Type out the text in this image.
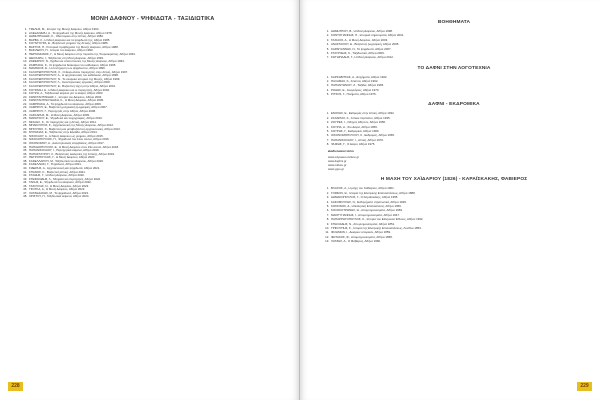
ΜΟΝΗ ΔΑΦΝΟΥ - ΨΗΦΙΔΩΤΑ - ΤΑΞΙΔΙΩΤΙΚΑ
1. ΤΖΕΛΗΣ, Μ., Ιστορία της Μονής Δαφνίου, Αθήνα 1964.
2. ΑΛΕΞΑΝΔΡΗ, Α., Τα ψηφιδωτά της Μονής Δαφνίου, Αθήνα 1978.
3. ΔΗΜΗΤΡΙΑΔΗΣ, Κ., Οδοιπορικό στην Αττική, Αθήνα 1982.
4. ΒΑΡΒΑ, Λ., Η Μονή Δαφνίου και τα ψηφιδωτά της, Αθήνα 1985.
5. ΚΟΥΝΤΟΥΡΑ, Ε., Βυζαντινά μνημεία της Αττικής, Αθήνα 1986.
6. ΒΑΣΤΟΣ, Π., Κτιτορικά προβλήματα της Μονής Δαφνίου, Αθήνα 1988.
7. ΒΑΣΙΛΕΙΟΥ, Π., Ιστορία του Δαφνίου, Αθήνα 1990.
8. ΠΕΡΓΑΜΗΝΟΣ, Γ., Η Μονή Δαφνίου στην περίοδο της Τουρκοκρατίας, Αθήνα 1991.
9. ΘΕΟΧΑΡΗ, Ι., Ταξιδιώτες στη Μονή Δαφνίου, Αθήνα 1993.
10. ΖΑΦΕΙΡΙΟΥ, Ν., Σχέδια και αποτυπώσεις της Μονής Δαφνίου, Αθήνα 1994.
11. ΖΑΜΠΑΚΗ, Κ., Οι ψηφιδωτοί διάκοσμοι του καθολικού, Αθήνα 1995.
12. ΜΑΜΑΚΟΣ, Ε., Η συντήρηση των ψηφιδωτών, Αθήνα 1996.
13. ΚΑΛΟΓΕΡΟΠΟΥΛΟΣ, Χ., Οι Ευρωπαίοι περιηγητές στην Αττική, Αθήνα 1997.
14. ΚΑΛΟΓΕΡΟΠΟΥΛΟΥ, Α., Η αρχιτεκτονική του καθολικού, Αθήνα 1998.
15. ΚΑΛΟΓΕΡΟΠΟΥΛΟΥ, Ν., Το σεισμικό ιστορικό της Μονής, Αθήνα 1999.
16. ΚΑΛΟΓΕΡΟΠΟΥΛΟΥ, Λ., Αναστηλωτικές εργασίες, Αθήνα 2000.
17. ΚΑΛΟΓΕΡΟΠΟΥΛΟΥ, Ε., Βυζαντινή τέχνη στην Αθήνα, Αθήνα 2001.
18. ΚΟΥΡΑΚΗ, Δ., Η Μονή Δαφνίου και οι περιηγητές, Αθήνα 2002.
19. ΚΟΥΡΗ, Α., Ταξιδιωτικά κείμενα για το Δαφνί, Αθήνα 2003.
20. ΚΩΝΣΤΑΝΤΙΝΙΔΗΣ, Ι., Ιστορία του Δαφνίου, Αθήνα 2004.
21. ΚΩΝΣΤΑΝΤΙΝΟΥΔΑΚΗ, Κ., Η Μονή Δαφνίου, Αθήνα 2005.
22. ΛΑΜΠΡΑΚΗ, Α., Τα ψηφιδωτά του Δαφνίου, Αθήνα 2006.
23. ΛΑΜΠΡΟΥ, Ε., Βυζαντινή μνημειακή ζωγραφική, Αθήνα 2007.
24. ΛΑΜΠΡΟΥ, Γ., Περιηγητές στην Αθήνα, Αθήνα 2008.
25. ΛΑΣΚΑΡΗΣ, Μ., Η Μονή Δαφνίου, Αθήνα 2009.
26. ΜΑΡΑΓΚΟΥ, Ε., Ψηφιδωτά και τοιχογραφίες, Αθήνα 2010.
27. ΜΙΧΑΗΛ, Κ., Οι περιηγητές και η Αττική, Αθήνα 2011.
28. ΜΠΑΚΟΥΡΟΣ, Σ., Αρχιτεκτονική της Μονής Δαφνίου, Αθήνα 2012.
29. ΜΠΟΥΡΑΣ, Χ., Βυζαντινή και μεταβυζαντινή αρχιτεκτονική, Αθήνα 2013.
30. ΜΥΡΩΝΑΣ, Ε., Ταξιδιώτες στην Ελλάδα, Αθήνα 2014.
31. ΝΙΚΟΛΑΟΥ, Α., Η Μονή Δαφνίου ως μνημείο, Αθήνα 2015.
32. ΝΙΚΟΛΟΠΟΥΛΟΣ, Π., Ψηφιδωτά του 11ου αιώνα, Αθήνα 2016.
33. ΟΙΚΟΝΟΜΟΥ, Α., Αναστηλωτικές επεμβάσεις, Αθήνα 2017.
34. ΠΑΠΑΔΟΠΟΥΛΟΣ, Ε., Η Μονή Δαφνίου στον 19ο αιώνα, Αθήνα 2018.
35. ΠΑΠΑΝΙΚΟΛΑΟΥ, Ι., Περιηγητικά κείμενα, Αθήνα 2019.
36. ΠΑΠΑΣΤΑΥΡΟΥ, Σ., Βυζαντινές εκκλησίες της Αττικής, Αθήνα 2019.
37. ΠΕΤΡΟΠΟΥΛΟΣ, Γ., Η Μονή Δαφνίου, Αθήνα 2020.
38. ΣΑΚΕΛΛΑΡΙΟΥ, Μ., Ταξιδιωτικά του Δαφνίου, Αθήνα 2020.
39. ΣΑΚΕΛΛΙΩΝ, Γ., Ψηφιδωτά, Αθήνα 2021.
40. ΣΙΔΕΡΗΣ, Α., Αρχιτεκτονική και ψηφιδωτά, Αθήνα 2021.
41. ΣΠΑΝΟΣ, Κ., Βυζαντινή Αττική, Αθήνα 2021.
42. ΣΤΑΘΗΣ, Γ., Η Μονή Δαφνίου, Αθήνα 2022.
43. ΣΤΕΦΑΝΙΔΗΣ, Λ., Μνημεία και περιηγητές, Αθήνα 2022.
44. ΤΑΚΗΣ, Ε., Ψηφιδωτά του Δαφνίου, Αθήνα 2022.
45. ΤΑΣΟΥΛΑΣ, Ν., Η Μονή Δαφνίου, Αθήνα 2023.
46. ΤΣΟΓΚΑ, Α., Η Μονή Δαφνίου, Αθήνα 2023.
47. ΧΑΤΖΗΔΑΚΗΣ, Μ., Τα ψηφιδωτά, Αθήνα 2023.
48. ΧΡΙΣΤΟΥ, Π., Ταξιδιωτικά κείμενα, Αθήνα 2024.
228
ΒΟΗΘΗΜΑΤΑ
1. ΔΗΜΗΤΡΙΟΥ, Β., Η Μονή Δαφνίου, Αθήνα 1998.
2. ΚΟΝΤΟΓΙΑΝΝΗΣ, Π., Ιστορικά σημειώματα, Αθήνα 2001.
3. ΤΑΧΙΑΟΣ, Α., Η Μονή Δαφνίου, Αθήνα 2003.
4. ΑΝΑΣΤΑΣΙΟΥ, Ε., Βυζαντινή ζωγραφική, Αθήνα 2005.
5. ΚΑΡΑΓΙΑΝΝΗΣ, Ν., Τα ψηφιδωτά, Αθήνα 2007.
6. ΣΤΑΥΡΙΔΗΣ, Κ., Ταξιδιωτικά, Αθήνα 2009.
7. ΣΩΤΗΡΙΑΔΗΣ, Γ., Η Μονή Δαφνίου, Αθήνα 2012.
ΤΟ ΔΑΦΝΙ ΣΤΗΝ ΛΟΓΟΤΕΧΝΙΑ
1. ΚΑΡΚΑΒΙΤΣΑΣ, Α., Διηγήματα, Αθήνα 1922.
2. ΠΑΛΑΜΑΣ, Κ., Άπαντα, Αθήνα 1962.
3. ΠΑΠΑΝΤΩΝΙΟΥ, Ζ., Ταξίδια, Αθήνα 1965.
4. ΡΟΔΗΣ, Ε., Αναμνήσεις, Αθήνα 1970.
5. ΡΙΤΣΟΣ, Γ., Ποιήματα, Αθήνα 1975.
ΔΑΦΝΙ - ΕΚΔΡΟΜΙΚΑ
1. ΕΝΟΣΗΣ, Ε., Εκδρομές στην Αττική, Αθήνα 1932.
2. ΖΑΧΑΡΙΑΣ, Κ., Αττικοί περίπατοι, Αθήνα 1935.
3. ΖΟΥΡΕΣ, Ι., Οδηγός Αθηνών, Αθήνα 1950.
4. ΚΟΥΡΙΑ, Α., Στο Δαφνί, Αθήνα 1956.
5. ΚΟΥΡΗΣ, Γ., Εκδρομικά, Αθήνα 1960.
6. ΟΙΚΟΝΟΜΟΠΟΥΛΟΥ, Σ., Εκδρομές, Αθήνα 1965.
7. ΠΑΠΑΝΙΚΟΛΑΟΥ, Ι., Αττική, Αθήνα 1970.
8. ΨΗΦΗΣ, Γ., Ο Δαφνί, Αθήνα 1975.
Διαδικτυακοί τόποι
www.odysseus.culture.gr
www.daphni.gr
www.culture.gr
www.yppo.gr
Η ΜΑΧΗ ΤΟΥ ΧΑΪΔΑΡΙΟΥ (1826) - ΚΑΡΑΪΣΚΑΚΗΣ, ΦΑΒΙΕΡΟΣ
1. ΒΛΑΧΟΣ, Α., Η μάχη του Χαϊδαρίου, Αθήνα 1901.
2. ΓΟΡΔΟΝ, Θ., Ιστορία της Ελληνικής Επαναστάσεως, Αθήνα 1888.
3. ΔΗΜΑΚΟΠΟΥΛΟΣ, Γ., Ο Καραϊσκάκης, Αθήνα 1955.
4. ΚΑΣΟΜΟΥΛΗΣ, Ν., Ενθυμήματα στρατιωτικά, Αθήνα 1939.
5. ΚΟΚΚΙΝΟΣ, Δ., Η Ελληνική Επανάστασις, Αθήνα 1956.
6. ΚΟΛΟΚΟΤΡΩΝΗΣ, Θ., Απομνημονεύματα, Αθήνα 1969.
7. ΜΑΚΡΥΓΙΑΝΝΗΣ, Ι., Απομνημονεύματα, Αθήνα 1947.
8. ΠΑΠΑΡΡΗΓΟΠΟΥΛΟΣ, Κ., Ιστορία του Ελληνικού Έθνους, Αθήνα 1932.
9. ΣΠΗΛΙΑΔΗΣ, Ν., Απομνημονεύματα, Αθήνα 1851.
10. ΤΡΙΚΟΥΠΗΣ, Σ., Ιστορία της Ελληνικής Επαναστάσεως, Λονδίνο 1853.
11. ΦΙΛΗΜΩΝ, Ι., Δοκίμιον ιστορικόν, Αθήνα 1859.
12. ΦΩΤΑΚΟΣ, Φ., Απομνημονεύματα, Αθήνα 1858.
13. ΧΑΤΖΗΣ, Α., Ο Φαβιέρος, Αθήνα 1960.
229
